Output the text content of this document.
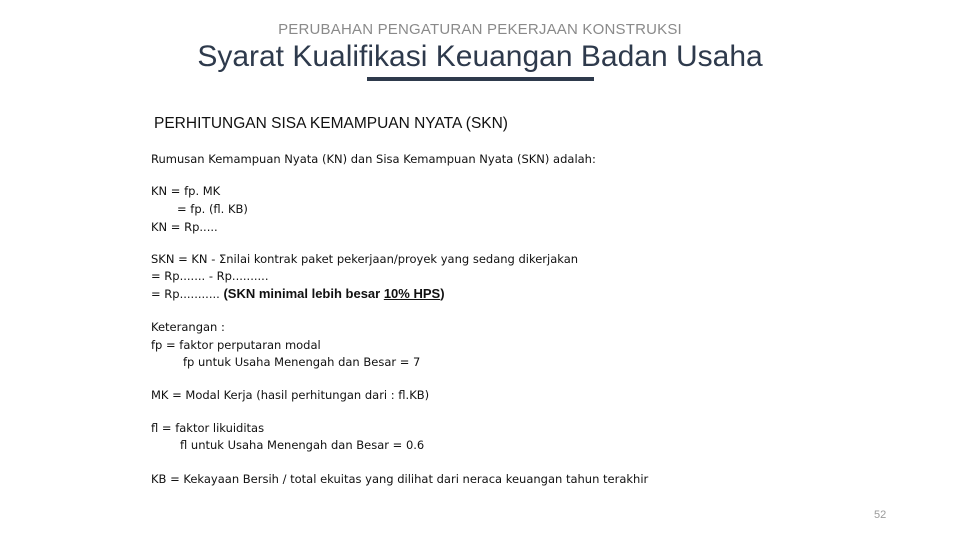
PERUBAHAN PENGATURAN PEKERJAAN KONSTRUKSI
Syarat Kualifikasi Keuangan Badan Usaha
PERHITUNGAN SISA KEMAMPUAN NYATA (SKN)
Rumusan Kemampuan Nyata (KN) dan Sisa Kemampuan Nyata (SKN) adalah:
KN = fp. MK
= fp. (fl. KB)
KN = Rp.....
SKN = KN - Σnilai kontrak paket pekerjaan/proyek yang sedang dikerjakan
= Rp....... - Rp..........
= Rp........... (SKN minimal lebih besar 10% HPS)
Keterangan :
fp = faktor perputaran modal
fp untuk Usaha Menengah dan Besar = 7
MK = Modal Kerja (hasil perhitungan dari : fl.KB)
fl = faktor likuiditas
fl untuk Usaha Menengah dan Besar = 0.6
KB = Kekayaan Bersih / total ekuitas yang dilihat dari neraca keuangan tahun terakhir
52
